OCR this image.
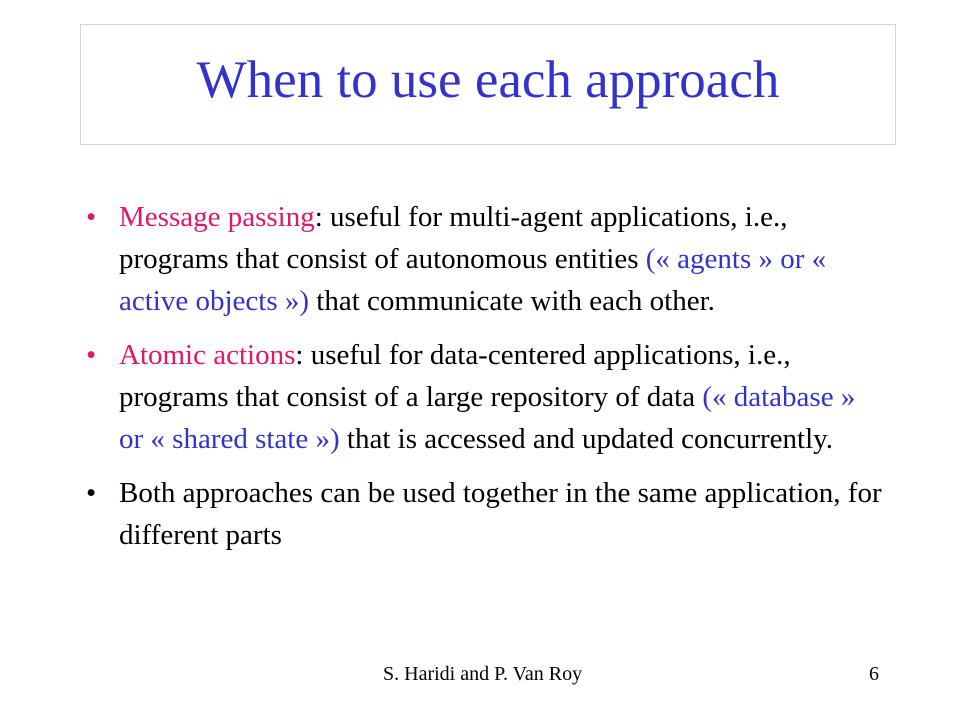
When to use each approach
• Message passing: useful for multi-agent applications, i.e., programs that consist of autonomous entities (« agents » or « active objects ») that communicate with each other.
• Atomic actions: useful for data-centered applications, i.e., programs that consist of a large repository of data (« database » or « shared state ») that is accessed and updated concurrently.
• Both approaches can be used together in the same application, for different parts
S. Haridi and P. Van Roy	6
